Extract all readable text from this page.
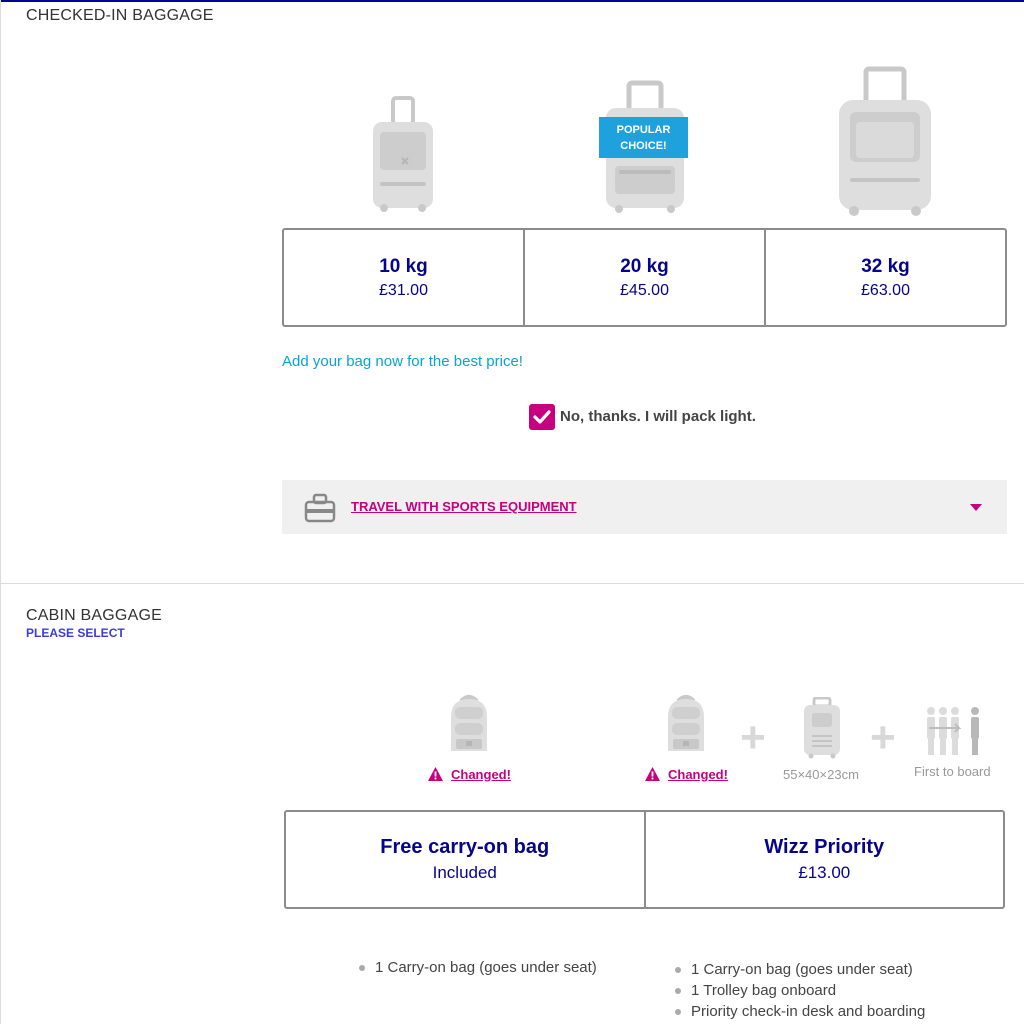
CHECKED-IN BAGGAGE
POPULAR
CHOICE!
10 kg
£31.00
20 kg
£45.00
32 kg
£63.00
Add your bag now for the best price!
No, thanks. I will pack light.
TRAVEL WITH SPORTS EQUIPMENT
CABIN BAGGAGE
PLEASE SELECT
Changed!	Changed!
+
55×40×23cm
+
First to board
Free carry-on bag
Included
Wizz Priority
£13.00
1 Carry-on bag (goes under seat)	1 Carry-on bag (goes under seat)
1 Trolley bag onboard
Priority check-in desk and boarding
